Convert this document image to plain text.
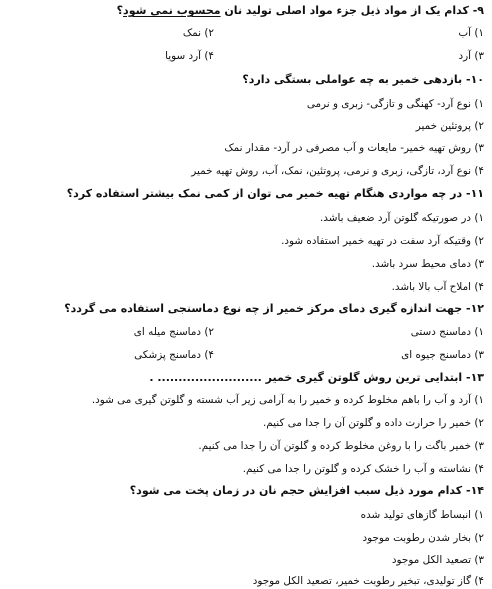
۹- کدام یک از مواد ذیل جزء مواد اصلی تولید نان محسوب نمی شود؟
۱) آب
۲) نمک
۳) آرد
۴) آرد سویا
۱۰- بازدهی خمیر به چه عواملی بستگی دارد؟
۱) نوع آرد- کهنگی و تازگی- زبری و نرمی
۲) پروتئین خمیر
۳) روش تهیه خمیر- مایعات و آب مصرفی در آرد- مقدار نمک
۴) نوع آرد، تازگی، زبری و نرمی، پروتئین، نمک، آب، روش تهیه خمیر
۱۱- در چه مواردی هنگام تهیه خمیر می توان از کمی نمک بیشتر استفاده کرد؟
۱) در صورتیکه گلوتن آرد ضعیف باشد.
۲) وقتیکه آرد سفت در تهیه خمیر استفاده شود.
۳) دمای محیط سرد باشد.
۴) املاح آب بالا باشد.
۱۲- جهت اندازه گیری دمای مرکز خمیر از چه نوع دماسنجی استفاده می گردد؟
۱) دماسنج دستی
۲) دماسنج میله ای
۳) دماسنج جیوه ای
۴) دماسنج پزشکی
۱۳- ابتدایی ترین روش گلوتن گیری خمیر ......................... .
۱) آرد و آب را باهم مخلوط کرده و خمیر را به آرامی زیر آب شسته و گلوتن گیری می شود.
۲) خمیر را حرارت داده و گلوتن آن را جدا می کنیم.
۳) خمیر باگت را با روغن مخلوط کرده و گلوتن آن را جدا می کنیم.
۴) نشاسته و آب را خشک کرده و گلوتن را جدا می کنیم.
۱۴- کدام مورد ذیل سبب افزایش حجم نان در زمان پخت می شود؟
۱) انبساط گازهای تولید شده
۲) بخار شدن رطوبت موجود
۳) تصعید الکل موجود
۴) گاز تولیدی، تبخیر رطوبت خمیر، تصعید الکل موجود
